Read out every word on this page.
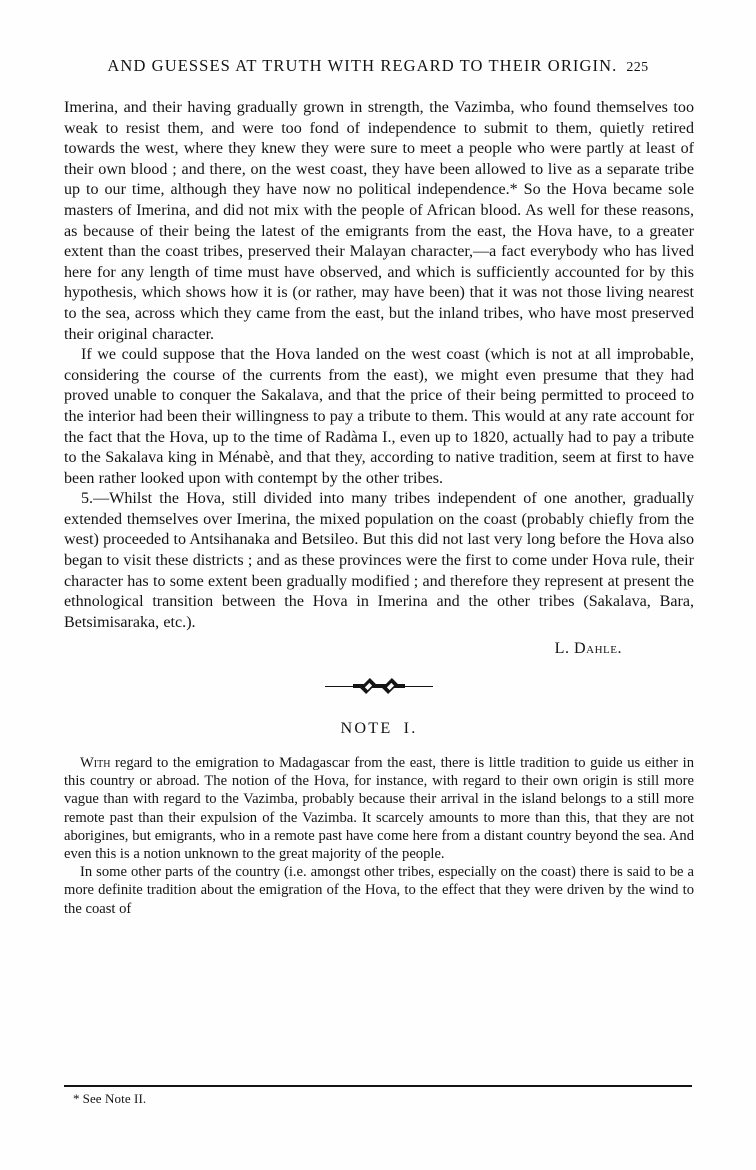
AND GUESSES AT TRUTH WITH REGARD TO THEIR ORIGIN. 225

Imerina, and their having gradually grown in strength, the Vazimba, who found themselves too weak to resist them, and were too fond of independence to submit to them, quietly retired towards the west, where they knew they were sure to meet a people who were partly at least of their own blood ; and there, on the west coast, they have been allowed to live as a separate tribe up to our time, although they have now no political independence.* So the Hova became sole masters of Imerina, and did not mix with the people of African blood. As well for these reasons, as because of their being the latest of the emigrants from the east, the Hova have, to a greater extent than the coast tribes, preserved their Malayan character,—a fact everybody who has lived here for any length of time must have observed, and which is sufficiently accounted for by this hypothesis, which shows how it is (or rather, may have been) that it was not those living nearest to the sea, across which they came from the east, but the inland tribes, who have most preserved their original character.

If we could suppose that the Hova landed on the west coast (which is not at all improbable, considering the course of the currents from the east), we might even presume that they had proved unable to conquer the Sakalava, and that the price of their being permitted to proceed to the interior had been their willingness to pay a tribute to them. This would at any rate account for the fact that the Hova, up to the time of Radàma I., even up to 1820, actually had to pay a tribute to the Sakalava king in Ménabè, and that they, according to native tradition, seem at first to have been rather looked upon with contempt by the other tribes.

5.—Whilst the Hova, still divided into many tribes independent of one another, gradually extended themselves over Imerina, the mixed population on the coast (probably chiefly from the west) proceeded to Antsihanaka and Betsileo. But this did not last very long before the Hova also began to visit these districts ; and as these provinces were the first to come under Hova rule, their character has to some extent been gradually modified ; and therefore they represent at present the ethnological transition between the Hova in Imerina and the other tribes (Sakalava, Bara, Betsimisaraka, etc.).

L. Dahle.
NOTE I.

With regard to the emigration to Madagascar from the east, there is little tradition to guide us either in this country or abroad. The notion of the Hova, for instance, with regard to their own origin is still more vague than with regard to the Vazimba, probably because their arrival in the island belongs to a still more remote past than their expulsion of the Vazimba. It scarcely amounts to more than this, that they are not aborigines, but emigrants, who in a remote past have come here from a distant country beyond the sea. And even this is a notion unknown to the great majority of the people.

In some other parts of the country (i.e. amongst other tribes, especially on the coast) there is said to be a more definite tradition about the emigration of the Hova, to the effect that they were driven by the wind to the coast of

* See Note II.
